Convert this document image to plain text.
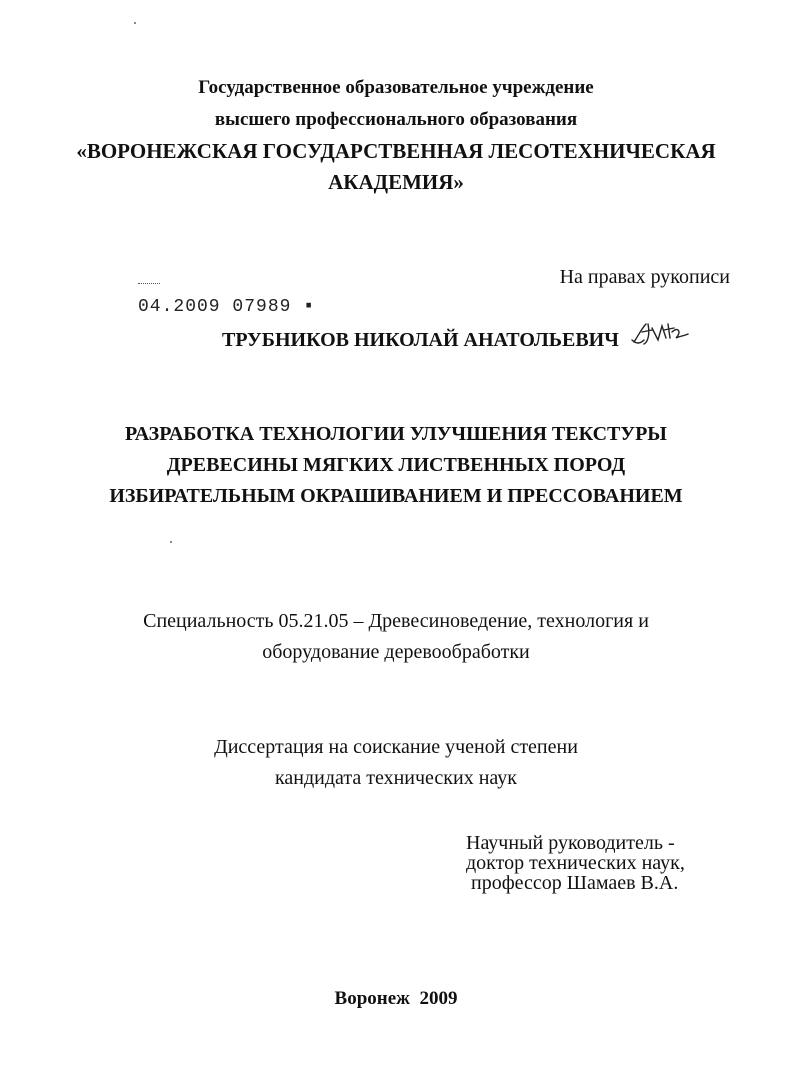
Государственное образовательное учреждение
высшего профессионального образования
«ВОРОНЕЖСКАЯ ГОСУДАРСТВЕННАЯ ЛЕСОТЕХНИЧЕСКАЯ
АКАДЕМИЯ»
На правах рукописи
04.2009 07989 ▪
ТРУБНИКОВ НИКОЛАЙ АНАТОЛЬЕВИЧ
РАЗРАБОТКА ТЕХНОЛОГИИ УЛУЧШЕНИЯ ТЕКСТУРЫ
ДРЕВЕСИНЫ МЯГКИХ ЛИСТВЕННЫХ ПОРОД
ИЗБИРАТЕЛЬНЫМ ОКРАШИВАНИЕМ И ПРЕССОВАНИЕМ
Специальность 05.21.05 – Древесиноведение, технология и
оборудование деревообработки
Диссертация на соискание ученой степени
кандидата технических наук
Научный руководитель -
доктор технических наук,
профессор Шамаев В.А.
Воронеж  2009
